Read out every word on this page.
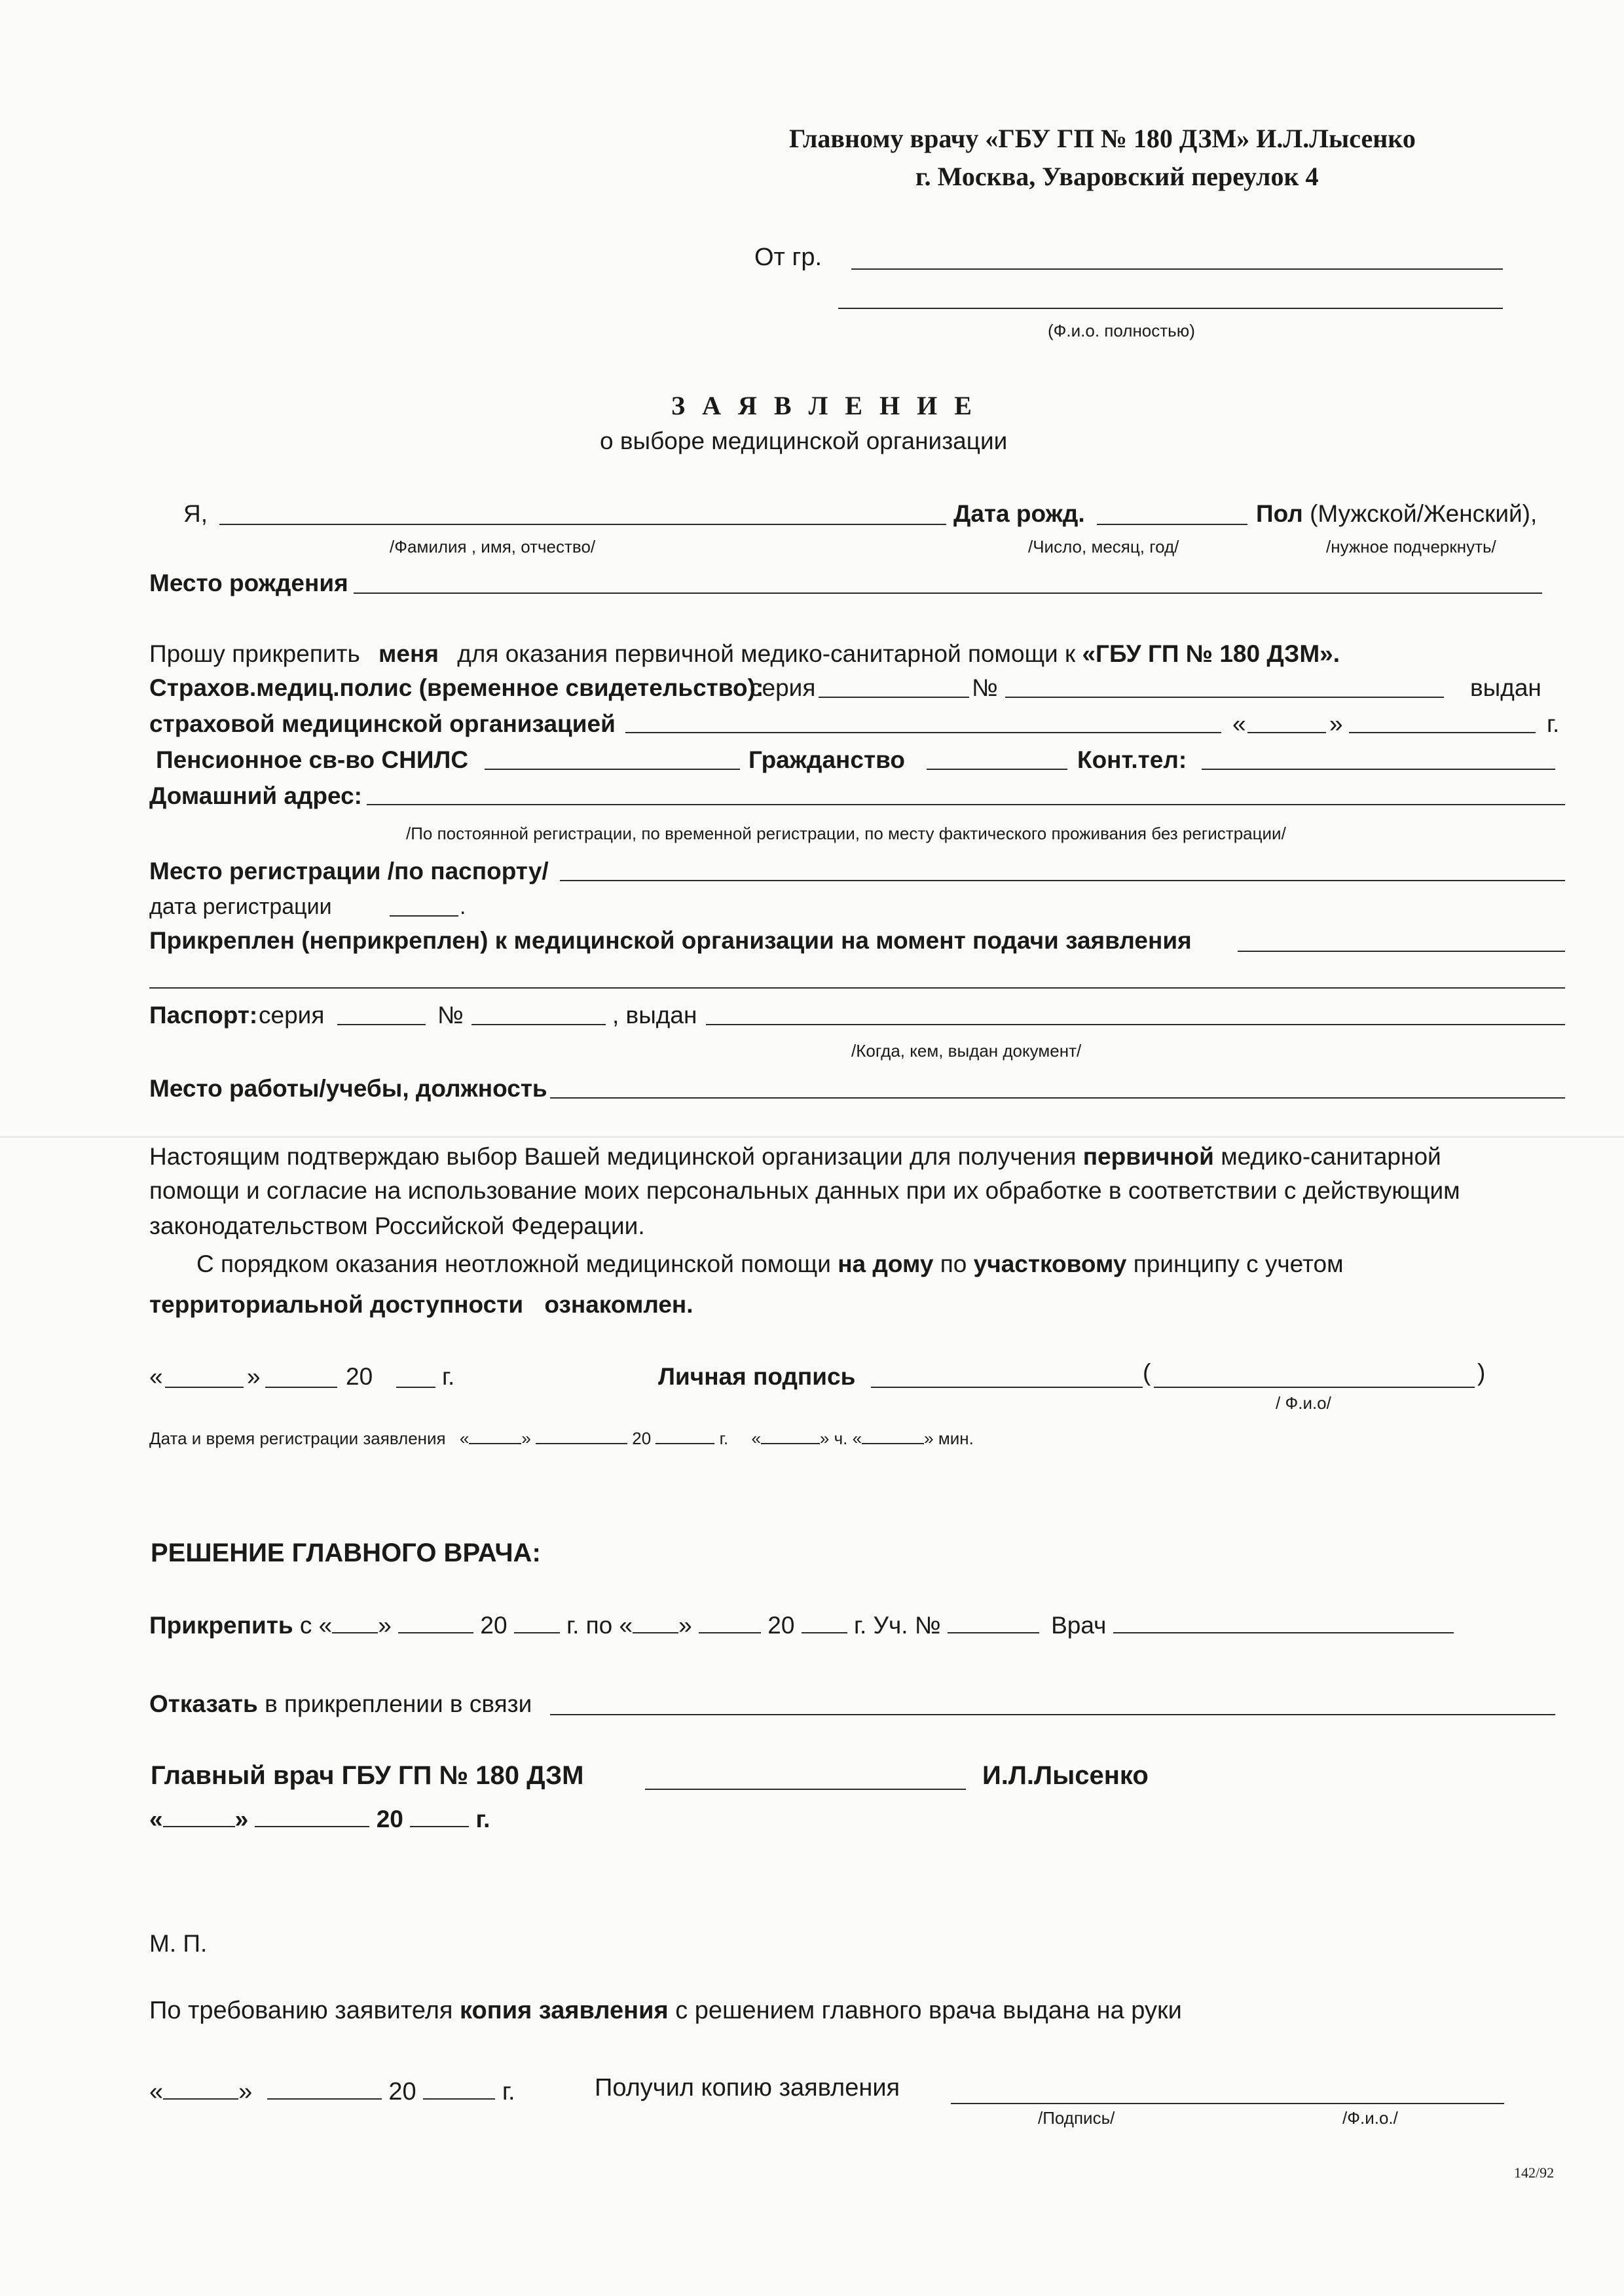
Главному врачу «ГБУ ГП № 180 ДЗМ» И.Л.Лысенко
г. Москва, Уваровский переулок 4
От гр.
(Ф.и.о. полностью)
З А Я В Л Е Н И Е
о выборе медицинской организации
Я,	Дата рожд.	Пол (Мужской/Женский),
/Фамилия , имя, отчество/	/Число, месяц, год/	/нужное подчеркнуть/
Место рождения
Прошу прикрепить меня для оказания первичной медико-санитарной помощи к «ГБУ ГП № 180 ДЗМ».
Страхов.медиц.полис (временное свидетельство):
серия	№	выдан
страховой медицинской организацией	«	»	г.
Пенсионное св-во СНИЛС	Гражданство	Конт.тел:
Домашний адрес:
/По постоянной регистрации, по временной регистрации, по месту фактического проживания без регистрации/
Место регистрации /по паспорту/
дата регистрации	.
Прикреплен (неприкреплен) к медицинской организации на момент подачи заявления
Паспорт: серия	№	, выдан
/Когда, кем, выдан документ/
Место работы/учебы, должность
Настоящим подтверждаю выбор Вашей медицинской организации для получения первичной медико-санитарной
помощи и согласие на использование моих персональных данных при их обработке в соответствии с действующим
законодательством Российской Федерации.
С порядком оказания неотложной медицинской помощи на дому по участковому принципу с учетом
территориальной доступности ознакомлен.
«	»	20	г.	Личная подпись	(	)
/ Ф.и.о/
Дата и время регистрации заявления «	»	20	г. «	» ч. «	» мин.
РЕШЕНИЕ ГЛАВНОГО ВРАЧА:
Прикрепить с « »	20 г. по « »	20 г. Уч. №	Врач
Отказать в прикреплении в связи
Главный врач ГБУ ГП № 180 ДЗМ	И.Л.Лысенко
«	»	20	г.
М. П.
По требованию заявителя копия заявления с решением главного врача выдана на руки
«	»	20	г.	Получил копию заявления
/Подпись/	/Ф.и.о./
142/92
